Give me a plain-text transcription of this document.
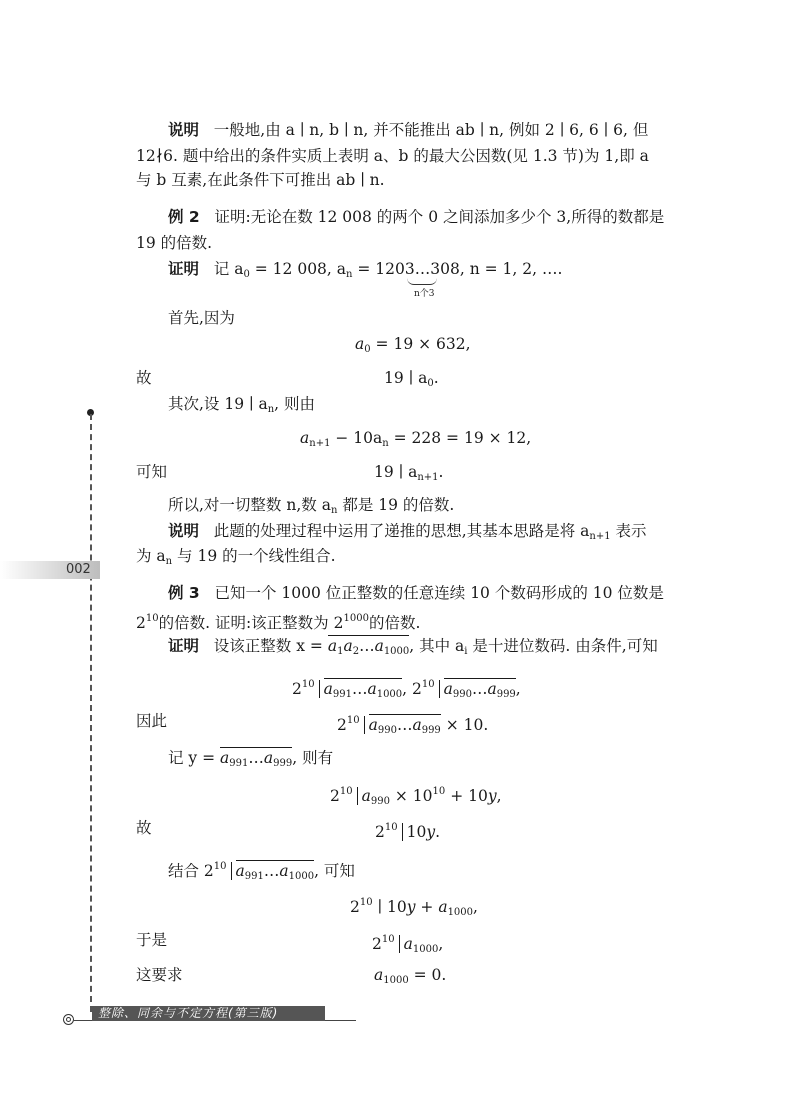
002
说明 一般地,由 a ∣ n, b ∣ n, 并不能推出 ab ∣ n, 例如 2 ∣ 6, 6 ∣ 6, 但
12∤6. 题中给出的条件实质上表明 a、b 的最大公因数(见 1.3 节)为 1,即 a
与 b 互素,在此条件下可推出 ab ∣ n.
例 2 证明:无论在数 12 008 的两个 0 之间添加多少个 3,所得的数都是
19 的倍数.
证明 记 $a_0 = 12$ 008, $a_n$ = 1203…308, n = 1, 2, ….
n个3
首先,因为
$a_0 = 19 \times 632$,
故	19 ∣ $a_0$.
其次,设 19 ∣ $a_n$, 则由
$a_{n+1} - 10a_n = 228 = 19 \times 12$,
可知	19 ∣ $a_{n+1}$.
所以,对一切整数 n,数 $a_n$ 都是 19 的倍数.
说明 此题的处理过程中运用了递推的思想,其基本思路是将 $a_{n+1}$ 表示
为 $a_n$ 与 19 的一个线性组合.
例 3 已知一个 1000 位正整数的任意连续 10 个数码形成的 10 位数是
$2^{10}$的倍数. 证明:该正整数为 $2^{1000}$的倍数.
证明 设该正整数 $x = a_1a_2\dots a_{1000}$, 其中 $a_i$ 是十进位数码. 由条件,可知
$2^{10}$ $a_{991}\dots a_{1000}$, $2^{10}$ $a_{990}\dots a_{999}$,
因此	$2^{10}$ $a_{990}\dots a_{999} \times 10$.
记 $y = a_{991}\dots a_{999}$, 则有
$2^{10}$ $a_{990} \times 10^{10} + 10y$,
故	$2^{10}$ 10y.
结合 $2^{10}$ $a_{991}\dots a_{1000}$, 可知
$2^{10}$ ∣ $10y + a_{1000}$,
于是	$2^{10}$ $a_{1000}$,
这要求	$a_{1000} = 0$.
整除、同余与不定方程(第三版)
